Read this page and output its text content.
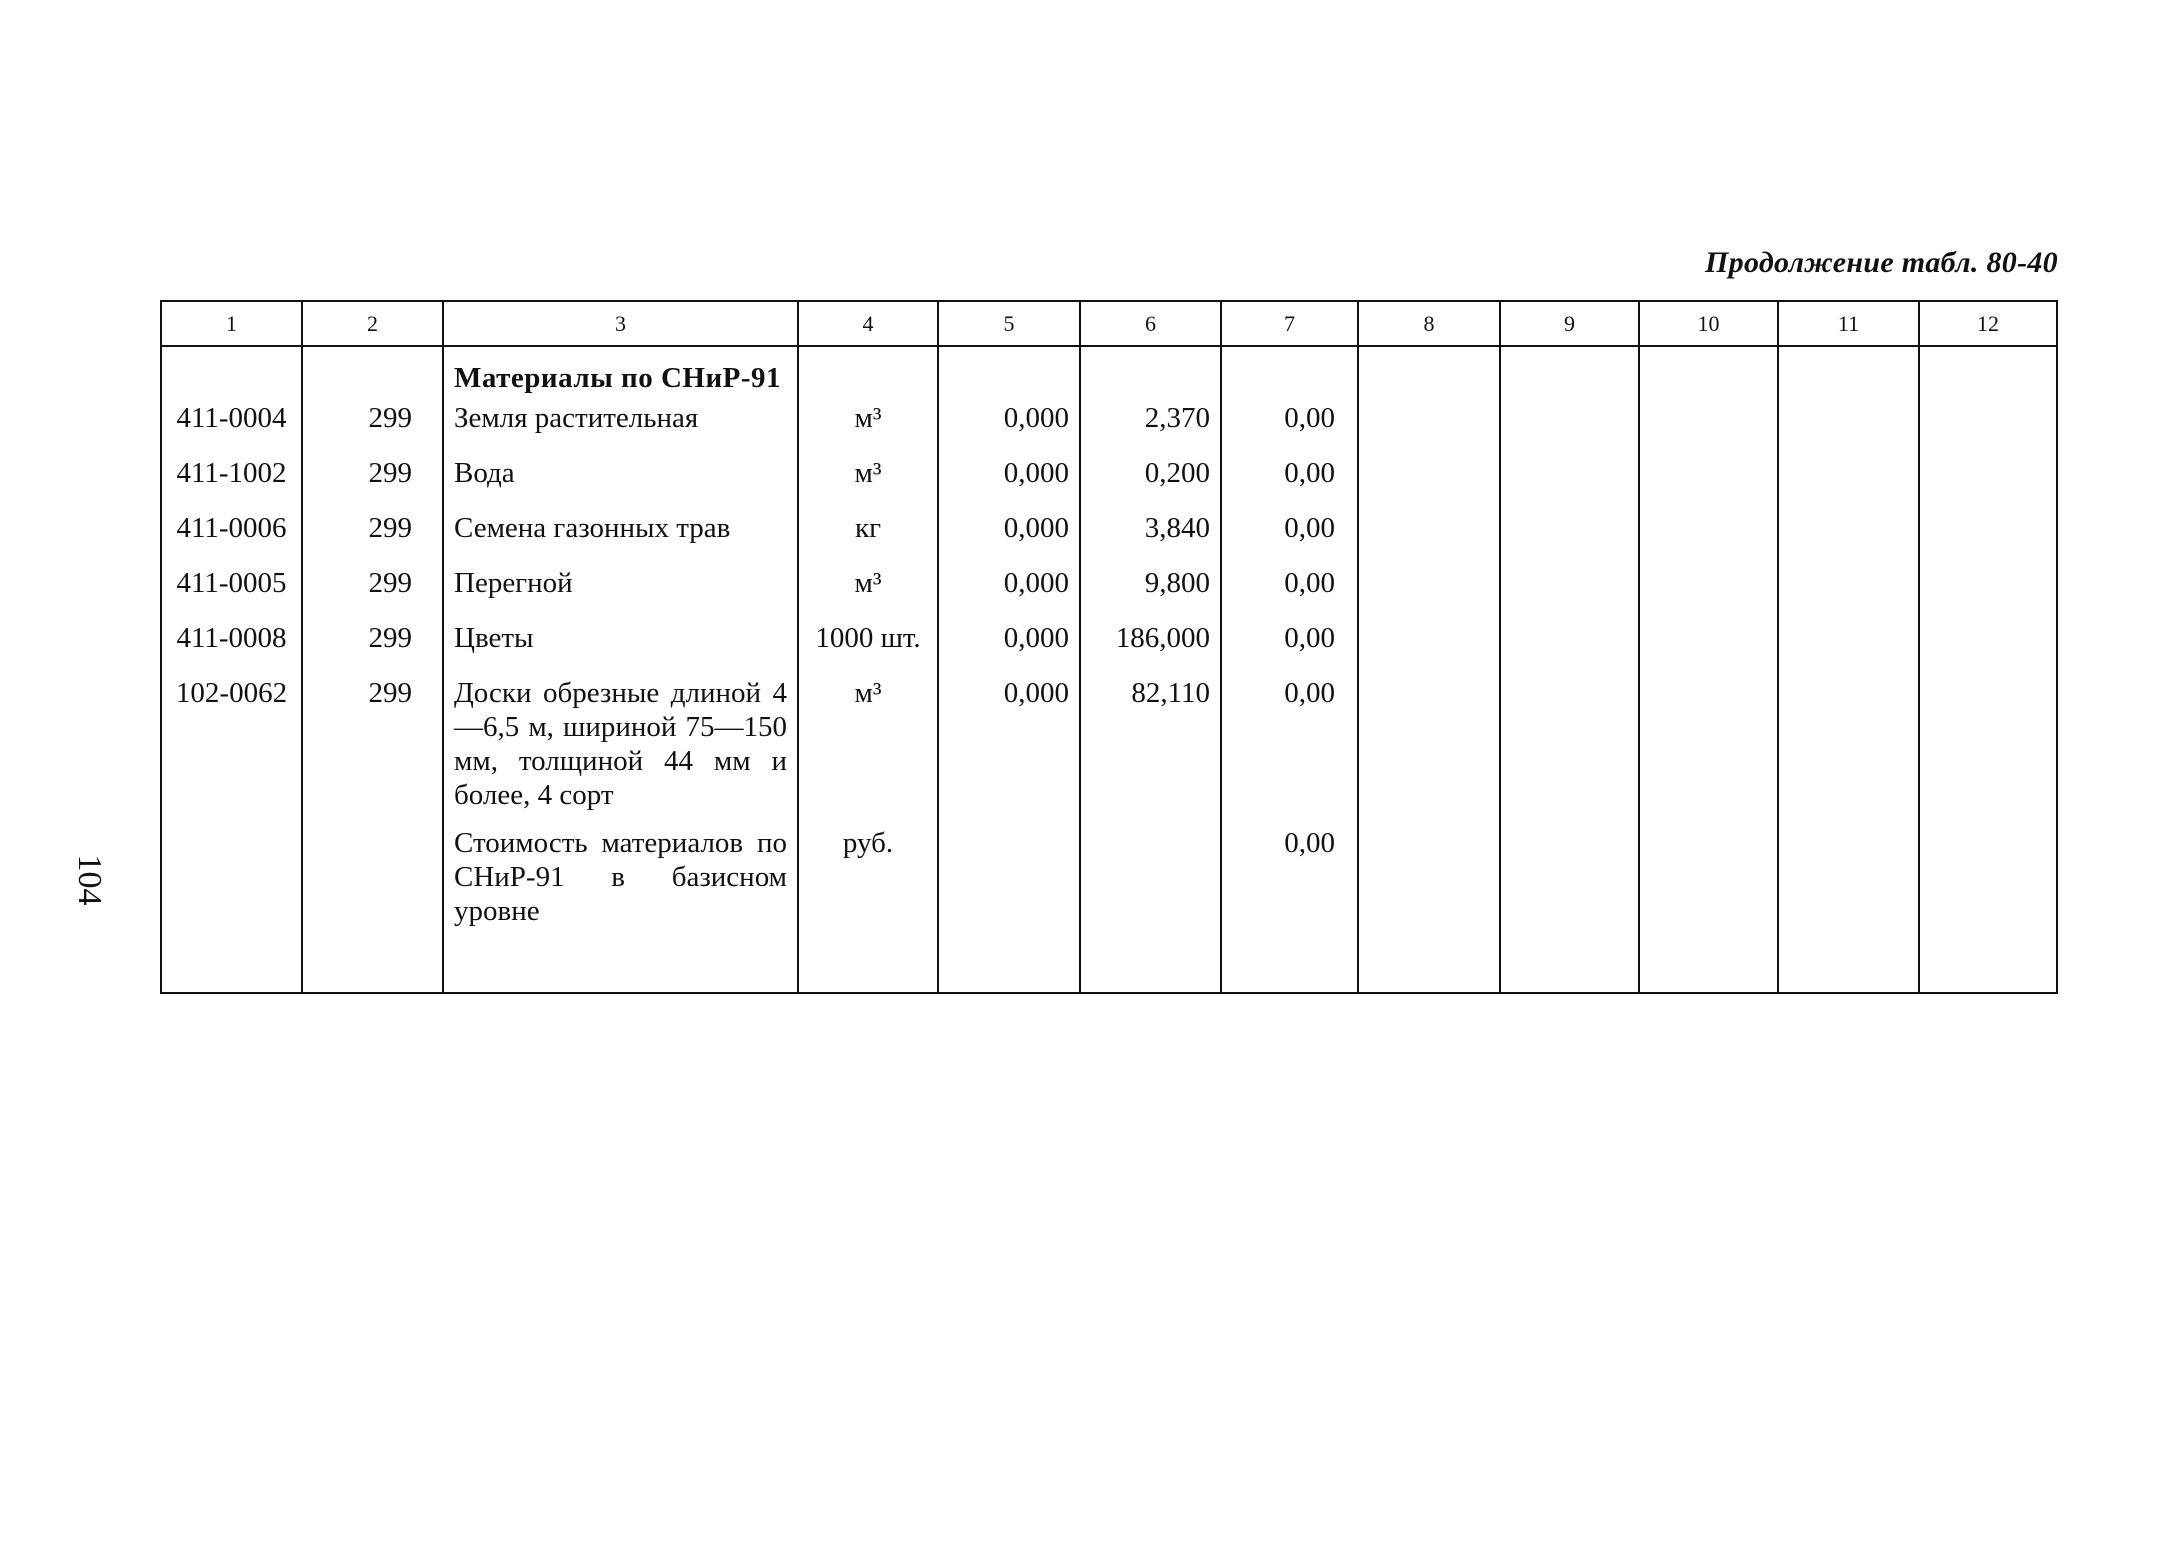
Продолжение табл. 80-40
104
1	2	3	4	5	6	7	8	9	10	11	12
		Материалы по СНиР-91									
411-0004	299	Земля растительная	м³	0,000	2,370	0,00					
411-1002	299	Вода	м³	0,000	0,200	0,00					
411-0006	299	Семена газонных трав	кг	0,000	3,840	0,00					
411-0005	299	Перегной	м³	0,000	9,800	0,00					
411-0008	299	Цветы	1000 шт.	0,000	186,000	0,00					
102-0062	299	Доски обрезные длиной 4—6,5 м, шириной 75—150 мм, толщиной 44 мм и более, 4 сорт	м³	0,000	82,110	0,00					
		Стоимость материалов по СНиР-91 в базисном уровне	руб.			0,00					
